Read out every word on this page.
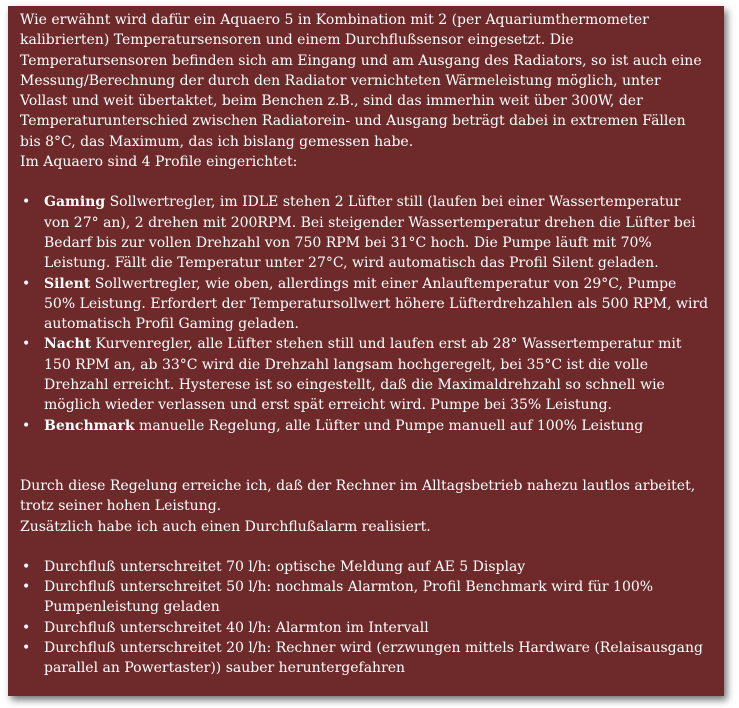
Wie erwähnt wird dafür ein Aquaero 5 in Kombination mit 2 (per Aquariumthermometer kalibrierten) Temperatursensoren und einem Durchflußsensor eingesetzt. Die Temperatursensoren befinden sich am Eingang und am Ausgang des Radiators, so ist auch eine Messung/Berechnung der durch den Radiator vernichteten Wärmeleistung möglich, unter Vollast und weit übertaktet, beim Benchen z.B., sind das immerhin weit über 300W, der Temperaturunterschied zwischen Radiatorein- und Ausgang beträgt dabei in extremen Fällen bis 8°C, das Maximum, das ich bislang gemessen habe.

Im Aquaero sind 4 Profile eingerichtet:

• Gaming Sollwertregler, im IDLE stehen 2 Lüfter still (laufen bei einer Wassertemperatur von 27° an), 2 drehen mit 200RPM. Bei steigender Wassertemperatur drehen die Lüfter bei Bedarf bis zur vollen Drehzahl von 750 RPM bei 31°C hoch. Die Pumpe läuft mit 70% Leistung. Fällt die Temperatur unter 27°C, wird automatisch das Profil Silent geladen.
• Silent Sollwertregler, wie oben, allerdings mit einer Anlauftemperatur von 29°C, Pumpe 50% Leistung. Erfordert der Temperatursollwert höhere Lüfterdrehzahlen als 500 RPM, wird automatisch Profil Gaming geladen.
• Nacht Kurvenregler, alle Lüfter stehen still und laufen erst ab 28° Wassertemperatur mit 150 RPM an, ab 33°C wird die Drehzahl langsam hochgeregelt, bei 35°C ist die volle Drehzahl erreicht. Hysterese ist so eingestellt, daß die Maximaldrehzahl so schnell wie möglich wieder verlassen und erst spät erreicht wird. Pumpe bei 35% Leistung.
• Benchmark manuelle Regelung, alle Lüfter und Pumpe manuell auf 100% Leistung

Durch diese Regelung erreiche ich, daß der Rechner im Alltagsbetrieb nahezu lautlos arbeitet, trotz seiner hohen Leistung.

Zusätzlich habe ich auch einen Durchflußalarm realisiert.

• Durchfluß unterschreitet 70 l/h: optische Meldung auf AE 5 Display
• Durchfluß unterschreitet 50 l/h: nochmals Alarmton, Profil Benchmark wird für 100% Pumpenleistung geladen
• Durchfluß unterschreitet 40 l/h: Alarmton im Intervall
• Durchfluß unterschreitet 20 l/h: Rechner wird (erzwungen mittels Hardware (Relaisausgang parallel an Powertaster)) sauber heruntergefahren
